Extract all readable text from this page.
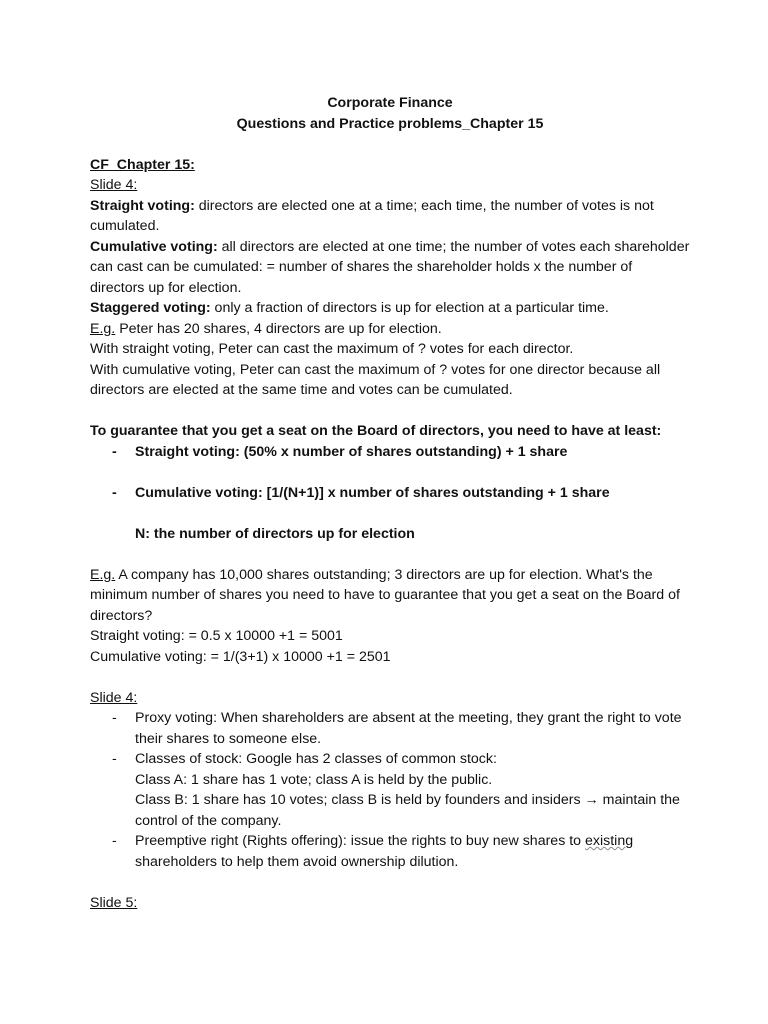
Corporate Finance

Questions and Practice problems_Chapter 15

CF_Chapter 15:

Slide 4:

Straight voting: directors are elected one at a time; each time, the number of votes is not cumulated.

Cumulative voting: all directors are elected at one time; the number of votes each shareholder can cast can be cumulated: = number of shares the shareholder holds x the number of directors up for election.

Staggered voting: only a fraction of directors is up for election at a particular time.

E.g. Peter has 20 shares, 4 directors are up for election.

With straight voting, Peter can cast the maximum of ? votes for each director.

With cumulative voting, Peter can cast the maximum of ? votes for one director because all directors are elected at the same time and votes can be cumulated.

To guarantee that you get a seat on the Board of directors, you need to have at least:

- Straight voting: (50% x number of shares outstanding) + 1 share
- Cumulative voting: [1/(N+1)] x number of shares outstanding + 1 share

N: the number of directors up for election

E.g. A company has 10,000 shares outstanding; 3 directors are up for election. What's the minimum number of shares you need to have to guarantee that you get a seat on the Board of directors?

Straight voting: = 0.5 x 10000 +1 = 5001

Cumulative voting: = 1/(3+1) x 10000 +1 = 2501

Slide 4:

- Proxy voting: When shareholders are absent at the meeting, they grant the right to vote their shares to someone else.
- Classes of stock: Google has 2 classes of common stock:
Class A: 1 share has 1 vote; class A is held by the public.
Class B: 1 share has 10 votes; class B is held by founders and insiders → maintain the control of the company.
- Preemptive right (Rights offering): issue the rights to buy new shares to existing shareholders to help them avoid ownership dilution.

Slide 5:
